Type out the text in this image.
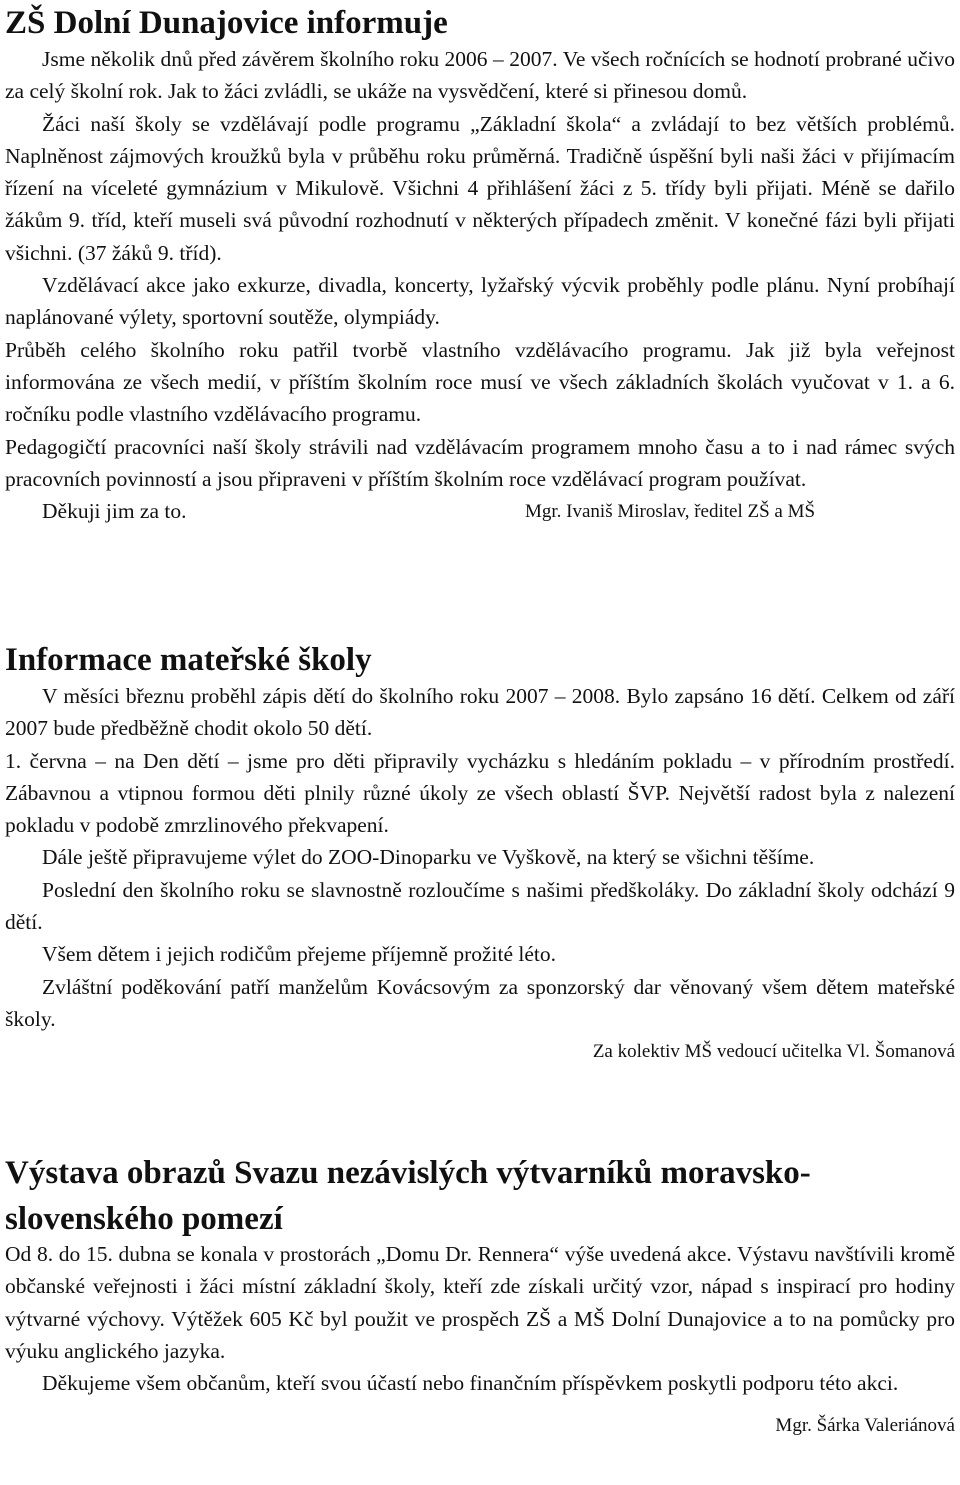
ZŠ Dolní Dunajovice informuje

Jsme několik dnů před závěrem školního roku 2006 – 2007. Ve všech ročnících se hodnotí probrané učivo za celý školní rok. Jak to žáci zvládli, se ukáže na vysvědčení, které si přinesou domů.

Žáci naší školy se vzdělávají podle programu „Základní škola“ a zvládají to bez větších problémů. Naplněnost zájmových kroužků byla v průběhu roku průměrná. Tradičně úspěšní byli naši žáci v přijímacím řízení na víceleté gymnázium v Mikulově. Všichni 4 přihlášení žáci z 5. třídy byli přijati. Méně se dařilo žákům 9. tříd, kteří museli svá původní rozhodnutí v některých případech změnit. V konečné fázi byli přijati všichni. (37 žáků 9. tříd).

Vzdělávací akce jako exkurze, divadla, koncerty, lyžařský výcvik proběhly podle plánu. Nyní probíhají naplánované výlety, sportovní soutěže, olympiády.

Průběh celého školního roku patřil tvorbě vlastního vzdělávacího programu. Jak již byla veřejnost informována ze všech medií, v příštím školním roce musí ve všech základních školách vyučovat v 1. a 6. ročníku podle vlastního vzdělávacího programu.

Pedagogičtí pracovníci naší školy strávili nad vzdělávacím programem mnoho času a to i nad rámec svých pracovních povinností a jsou připraveni v příštím školním roce vzdělávací program používat.

Děkuji jim za to.	Mgr. Ivaniš Miroslav, ředitel ZŠ a MŠ
Informace mateřské školy

V měsíci březnu proběhl zápis dětí do školního roku 2007 – 2008. Bylo zapsáno 16 dětí. Celkem od září 2007 bude předběžně chodit okolo 50 dětí.

1. června – na Den dětí – jsme pro děti připravily vycházku s hledáním pokladu – v přírodním prostředí. Zábavnou a vtipnou formou děti plnily různé úkoly ze všech oblastí ŠVP. Největší radost byla z nalezení pokladu v podobě zmrzlinového překvapení.

Dále ještě připravujeme výlet do ZOO-Dinoparku ve Vyškově, na který se všichni těšíme.

Poslední den školního roku se slavnostně rozloučíme s našimi předškoláky. Do základní školy odchází 9 dětí.

Všem dětem i jejich rodičům přejeme příjemně prožité léto.

Zvláštní poděkování patří manželům Kovácsovým za sponzorský dar věnovaný všem dětem mateřské školy.

Za kolektiv MŠ vedoucí učitelka Vl. Šomanová
Výstava obrazů Svazu nezávislých výtvarníků moravsko-slovenského pomezí

Od 8. do 15. dubna se konala v prostorách „Domu Dr. Rennera“ výše uvedená akce. Výstavu navštívili kromě občanské veřejnosti i žáci místní základní školy, kteří zde získali určitý vzor, nápad s inspirací pro hodiny výtvarné výchovy. Výtěžek 605 Kč byl použit ve prospěch ZŠ a MŠ Dolní Dunajovice a to na pomůcky pro výuku anglického jazyka.

Děkujeme všem občanům, kteří svou účastí nebo finančním příspěvkem poskytli podporu této akci.

Mgr. Šárka Valeriánová
